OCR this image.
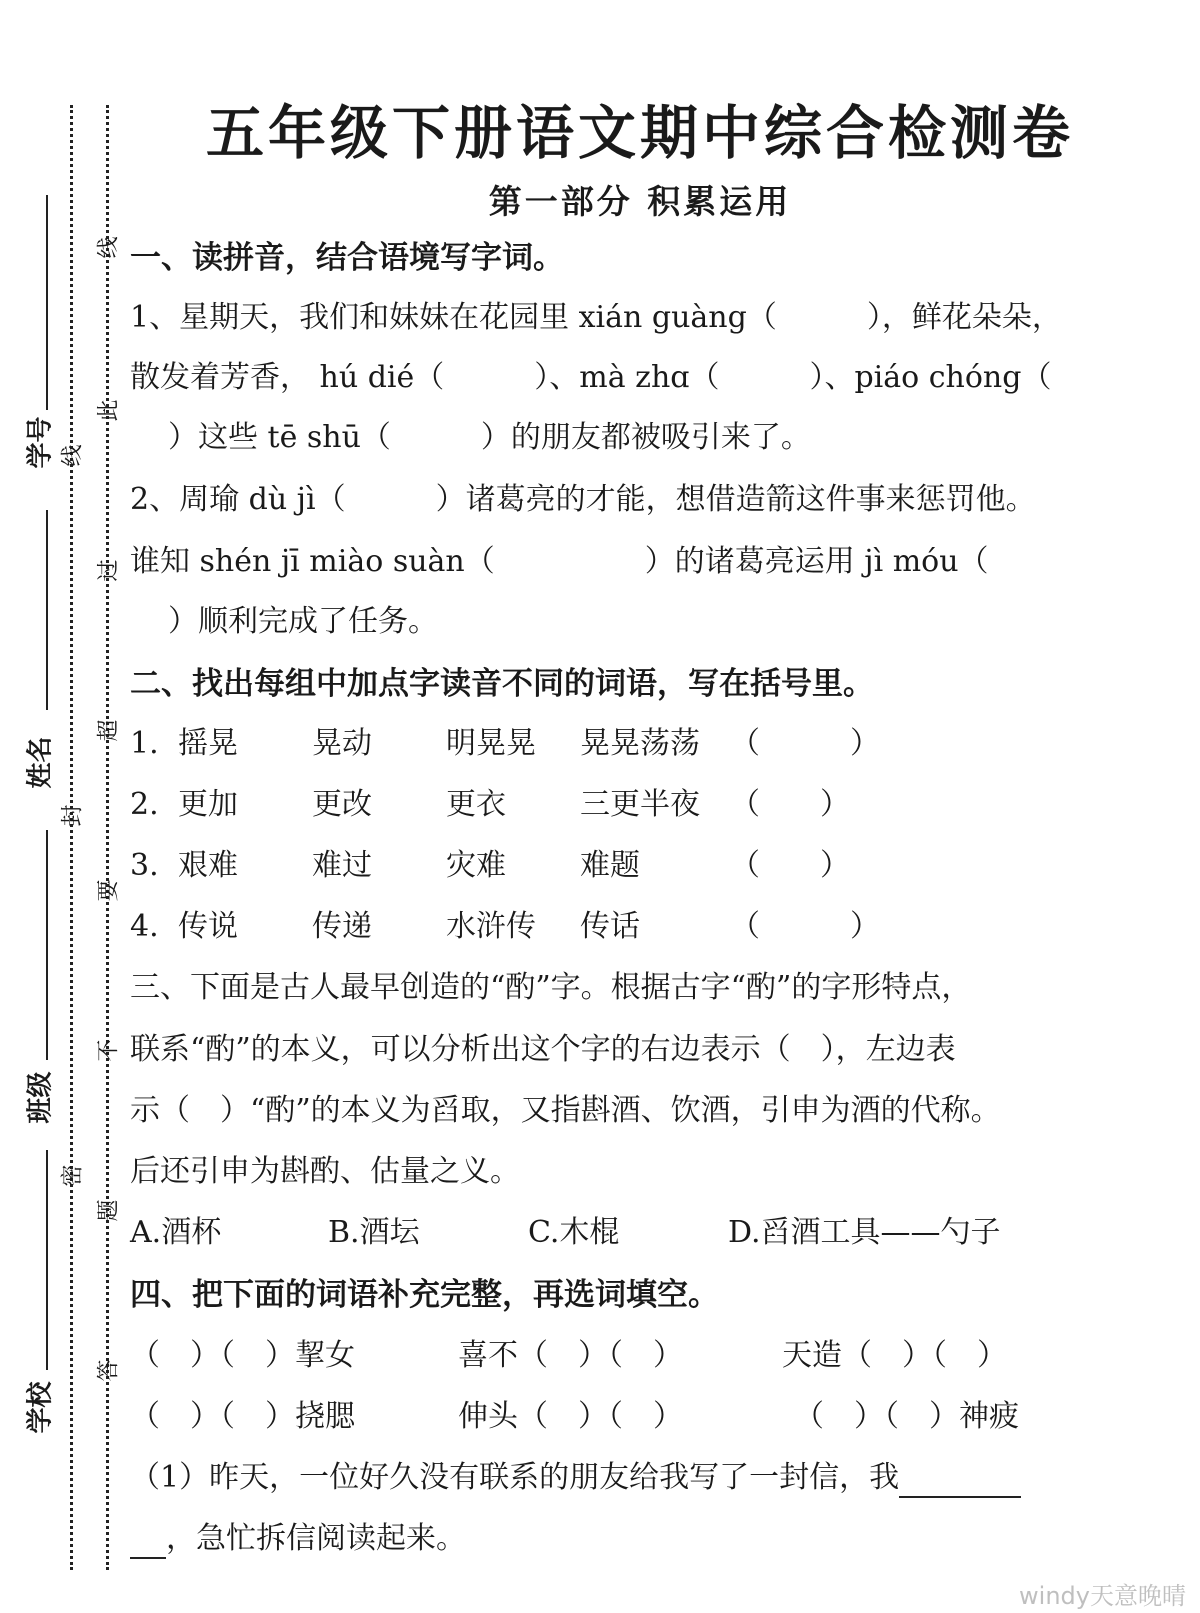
学号
姓名
班级
学校
线
此
线
过
超
封
要
不
密
题
答
五年级下册语文期中综合检测卷
第一部分 积累运用
一、读拼音，结合语境写字词。
1、星期天，我们和妹妹在花园里 xián guàng（　　　），鲜花朵朵，
散发着芳香， hú dié（　　　）、mà zhɑ（　　　）、piáo chóng（
）这些 tē shū（　　　）的朋友都被吸引来了。
2、周瑜 dù jì（　　　）诸葛亮的才能，想借造箭这件事来惩罚他。
谁知 shén jī miào suàn（　　　　　）的诸葛亮运用 jì móu（
）顺利完成了任务。
二、找出每组中加点字读音不同的词语，写在括号里。
1. 摇晃 晃动 明晃晃 晃晃荡荡 （　　　）
2. 更加 更改 更衣 三更半夜 （　　）
3. 艰难 难过 灾难 难题	（　　）
4. 传说 传递 水浒传 传话	（　　　）
三、下面是古人最早创造的“酌”字。根据古字“酌”的字形特点，
联系“酌”的本义，可以分析出这个字的右边表示（　），左边表
示（　）“酌”的本义为舀取，又指斟酒、饮酒，引申为酒的代称。
后还引申为斟酌、估量之义。
A.酒杯	B.酒坛	C.木棍	D.舀酒工具——勺子
四、把下面的词语补充完整，再选词填空。
（　）（　）挈女	喜不（　）（　）	天造（　）（　）
（　）（　）挠腮	伸头（　）（　）	（　）（　）神疲
（1）昨天，一位好久没有联系的朋友给我写了一封信，我
，急忙拆信阅读起来。
windy天意晚晴
